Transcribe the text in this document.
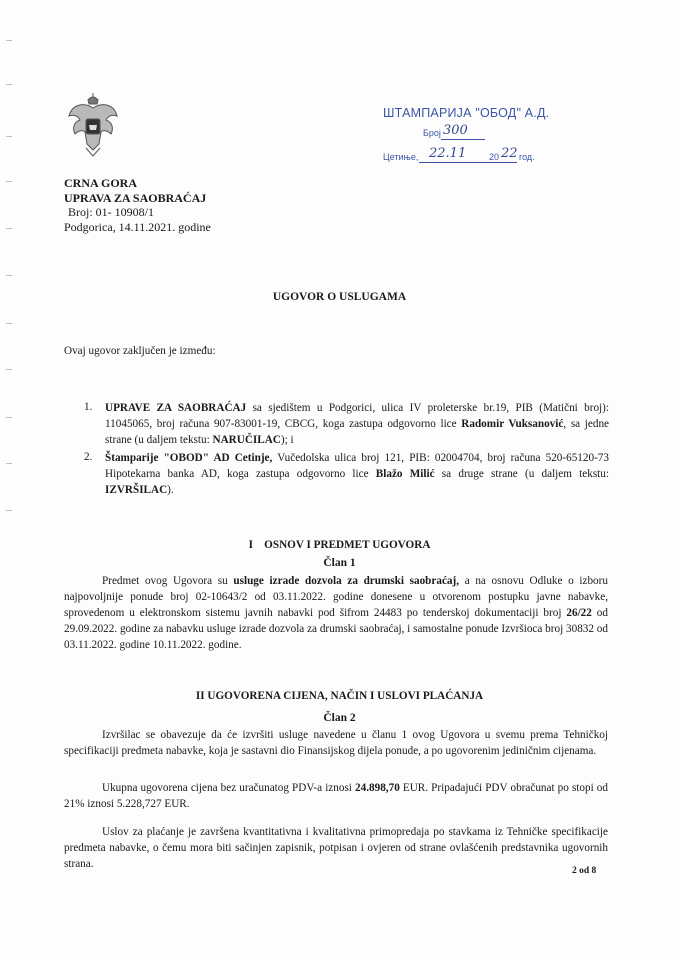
ШТАМПАРИЈА "ОБОД" А.Д.
Број 300
Цетиње, 22.11	20 22 год.
CRNA GORA
UPRAVA ZA SAOBRAĆAJ
Broj: 01- 10908/1
Podgorica, 14.11.2021. godine
UGOVOR O USLUGAMA
Ovaj ugovor zaključen je između:
1. UPRAVE ZA SAOBRAĆAJ sa sjedištem u Podgorici, ulica IV proleterske br.19, PIB (Matični broj): 11045065, broj računa 907-83001-19, CBCG, koga zastupa odgovorno lice Radomir Vuksanović, sa jedne strane (u daljem tekstu: NARUČILAC); i
2. Štamparije "OBOD" AD Cetinje, Vučedolska ulica broj 121, PIB: 02004704, broj računa 520-65120-73 Hipotekarna banka AD, koga zastupa odgovorno lice Blažo Milić sa druge strane (u daljem tekstu: IZVRŠILAC).
I OSNOV I PREDMET UGOVORA
Član 1
Predmet ovog Ugovora su usluge izrade dozvola za drumski saobraćaj, a na osnovu Odluke o izboru najpovoljnije ponude broj 02-10643/2 od 03.11.2022. godine donesene u otvorenom postupku javne nabavke, sprovedenom u elektronskom sistemu javnih nabavki pod šifrom 24483 po tenderskoj dokumentaciji broj 26/22 od 29.09.2022. godine za nabavku usluge izrade dozvola za drumski saobraćaj, i samostalne ponude Izvršioca broj 30832 od 03.11.2022. godine 10.11.2022. godine.
II UGOVORENA CIJENA, NAČIN I USLOVI PLAĆANJA
Član 2
Izvršilac se obavezuje da će izvršiti usluge navedene u članu 1 ovog Ugovora u svemu prema Tehničkoj specifikaciji predmeta nabavke, koja je sastavni dio Finansijskog dijela ponude, a po ugovorenim jediničnim cijenama.
Ukupna ugovorena cijena bez uračunatog PDV-a iznosi 24.898,70 EUR. Pripadajući PDV obračunat po stopi od 21% iznosi 5.228,727 EUR.
Uslov za plaćanje je završena kvantitativna i kvalitativna primopredaja po stavkama iz Tehničke specifikacije predmeta nabavke, o čemu mora biti sačinjen zapisnik, potpisan i ovjeren od strane ovlašćenih predstavnika ugovornih strana.
2 od 8
